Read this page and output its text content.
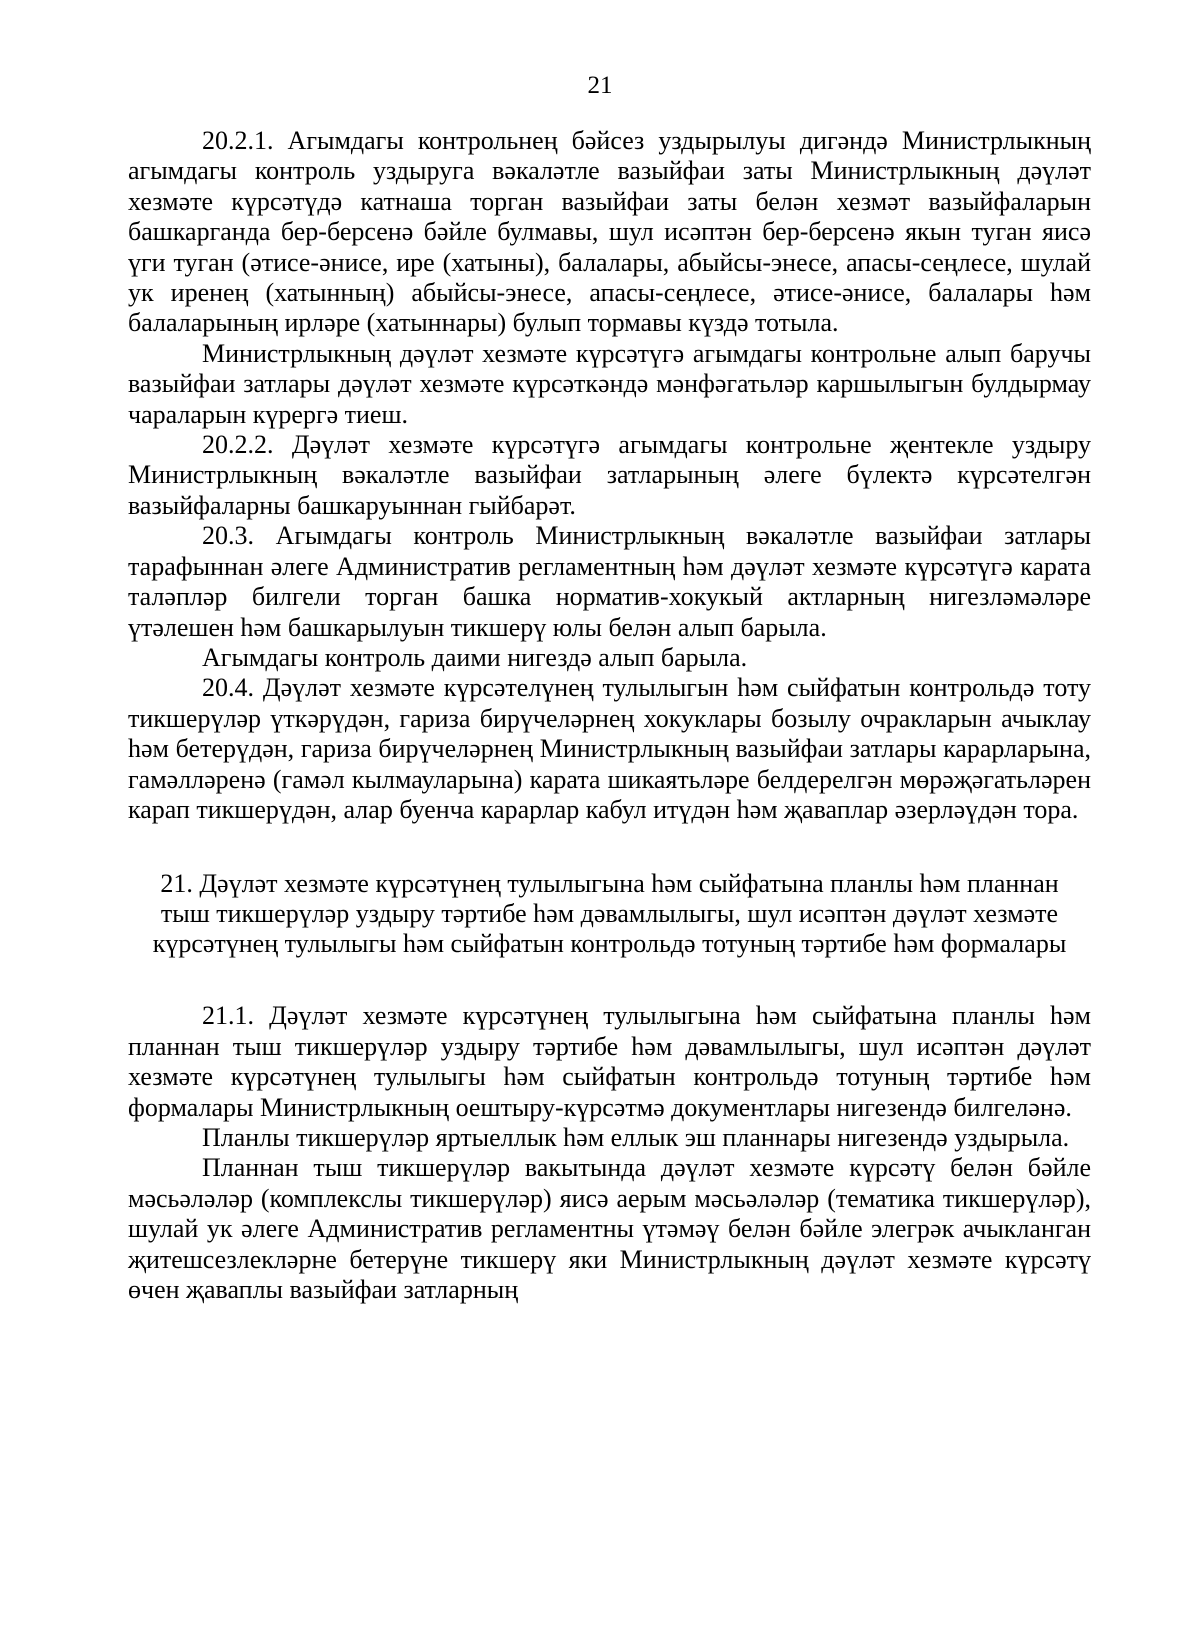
21

20.2.1. Агымдагы контрольнең бәйсез уздырылуы дигәндә Министрлыкның агымдагы контроль уздыруга вәкаләтле вазыйфаи заты Министрлыкның дәүләт хезмәте күрсәтүдә катнаша торган вазыйфаи заты белән хезмәт вазыйфаларын башкарганда бер-берсенә бәйле булмавы, шул исәптән бер-берсенә якын туган яисә үги туган (әтисе-әнисе, ире (хатыны), балалары, абыйсы-энесе, апасы-сеңлесе, шулай ук иренең (хатынның) абыйсы-энесе, апасы-сеңлесе, әтисе-әнисе, балалары һәм балаларының ирләре (хатыннары) булып тормавы күздә тотыла.

Министрлыкның дәүләт хезмәте күрсәтүгә агымдагы контрольне алып баручы вазыйфаи затлары дәүләт хезмәте күрсәткәндә мәнфәгатьләр каршылыгын булдырмау чараларын күрергә тиеш.

20.2.2. Дәүләт хезмәте күрсәтүгә агымдагы контрольне җентекле уздыру Министрлыкның вәкаләтле вазыйфаи затларының әлеге бүлектә күрсәтелгән вазыйфаларны башкаруыннан гыйбарәт.

20.3. Агымдагы контроль Министрлыкның вәкаләтле вазыйфаи затлары тарафыннан әлеге Административ регламентның һәм дәүләт хезмәте күрсәтүгә карата таләпләр билгели торган башка норматив-хокукый актларның нигезләмәләре үтәлешен һәм башкарылуын тикшерү юлы белән алып барыла.

Агымдагы контроль даими нигездә алып барыла.

20.4. Дәүләт хезмәте күрсәтелүнең тулылыгын һәм сыйфатын контрольдә тоту тикшерүләр үткәрүдән, гариза бирүчеләрнең хокуклары бозылу очракларын ачыклау һәм бетерүдән, гариза бирүчеләрнең Министрлыкның вазыйфаи затлары карарларына, гамәлләренә (гамәл кылмауларына) карата шикаятьләре белдерелгән мөрәҗәгатьләрен карап тикшерүдән, алар буенча карарлар кабул итүдән һәм җаваплар әзерләүдән тора.

21. Дәүләт хезмәте күрсәтүнең тулылыгына һәм сыйфатына планлы һәм планнан тыш тикшерүләр уздыру тәртибе һәм дәвамлылыгы, шул исәптән дәүләт хезмәте күрсәтүнең тулылыгы һәм сыйфатын контрольдә тотуның тәртибе һәм формалары

21.1. Дәүләт хезмәте күрсәтүнең тулылыгына һәм сыйфатына планлы һәм планнан тыш тикшерүләр уздыру тәртибе һәм дәвамлылыгы, шул исәптән дәүләт хезмәте күрсәтүнең тулылыгы һәм сыйфатын контрольдә тотуның тәртибе һәм формалары Министрлыкның оештыру-күрсәтмә документлары нигезендә билгеләнә.

Планлы тикшерүләр яртыеллык һәм еллык эш планнары нигезендә уздырыла.

Планнан тыш тикшерүләр вакытында дәүләт хезмәте күрсәтү белән бәйле мәсьәләләр (комплекслы тикшерүләр) яисә аерым мәсьәләләр (тематика тикшерүләр), шулай ук әлеге Административ регламентны үтәмәү белән бәйле элегрәк ачыкланган җитешсезлекләрне бетерүне тикшерү яки Министрлыкның дәүләт хезмәте күрсәтү өчен җаваплы вазыйфаи затларның
